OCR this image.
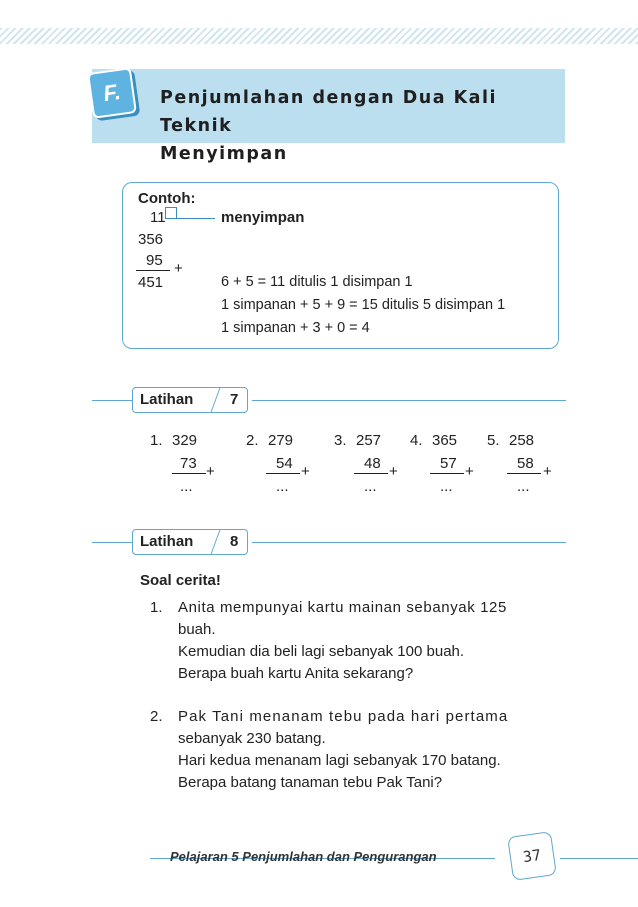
F.	Penjumlahan dengan Dua Kali Teknik
Menyimpan
Contoh:
11	menyimpan
356
95 +
451	6 + 5 = 11 ditulis 1 disimpan 1
1 simpanan + 5 + 9 = 15 ditulis 5 disimpan 1
1 simpanan + 3 + 0 = 4
Latihan 7
1. 329
73 +
...
2. 279
54 +
...
3. 257
48 +
...
4. 365
57 +
...
5. 258
58 +
...
Latihan 8
Soal cerita!
1. Anita mempunyai kartu mainan sebanyak 125
buah.
Kemudian dia beli lagi sebanyak 100 buah.
Berapa buah kartu Anita sekarang?
2. Pak Tani menanam tebu pada hari pertama
sebanyak 230 batang.
Hari kedua menanam lagi sebanyak 170 batang.
Berapa batang tanaman tebu Pak Tani?
Pelajaran 5 Penjumlahan dan Pengurangan	37
